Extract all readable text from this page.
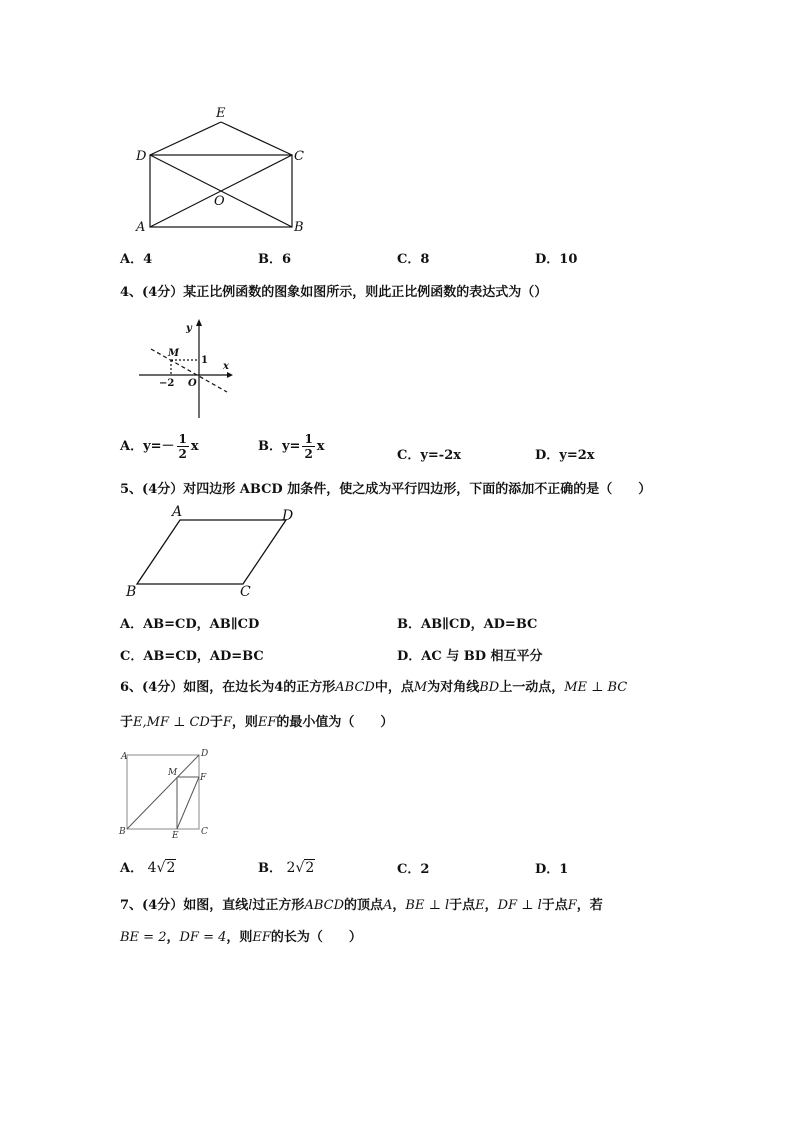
E
D	C
O
A	B
A．4	B．6	C．8	D．10
4、(4分）某正比例函数的图象如图所示，则此正比例函数的表达式为（）
y
x
M
1
−2 O
A．$y=- \frac{1}{2}$ x	B．$y= \frac{1}{2}$ x
C．y=-2x	D．y=2x
5、(4分）对四边形 ABCD 加条件，使之成为平行四边形，下面的添加不正确的是（　　）
A	D
B	C
A．AB=CD，AB∥CD	B．AB∥CD，AD=BC
C．AB=CD，AD=BC	D．AC 与 BD 相互平分
6、(4分）如图，在边长为4的正方形ABCD中，点M为对角线BD上一动点，ME ⊥ BC
于E,MF ⊥ CD于F，则EF的最小值为（　　）
A	D
M	F
B	E C
A． 4√2	B． 2√2	C．2	D．1
7、(4分）如图，直线l过正方形ABCD的顶点A，BE ⊥ l于点E，DF ⊥ l于点F，若
BE = 2，DF = 4，则EF的长为（　　）
